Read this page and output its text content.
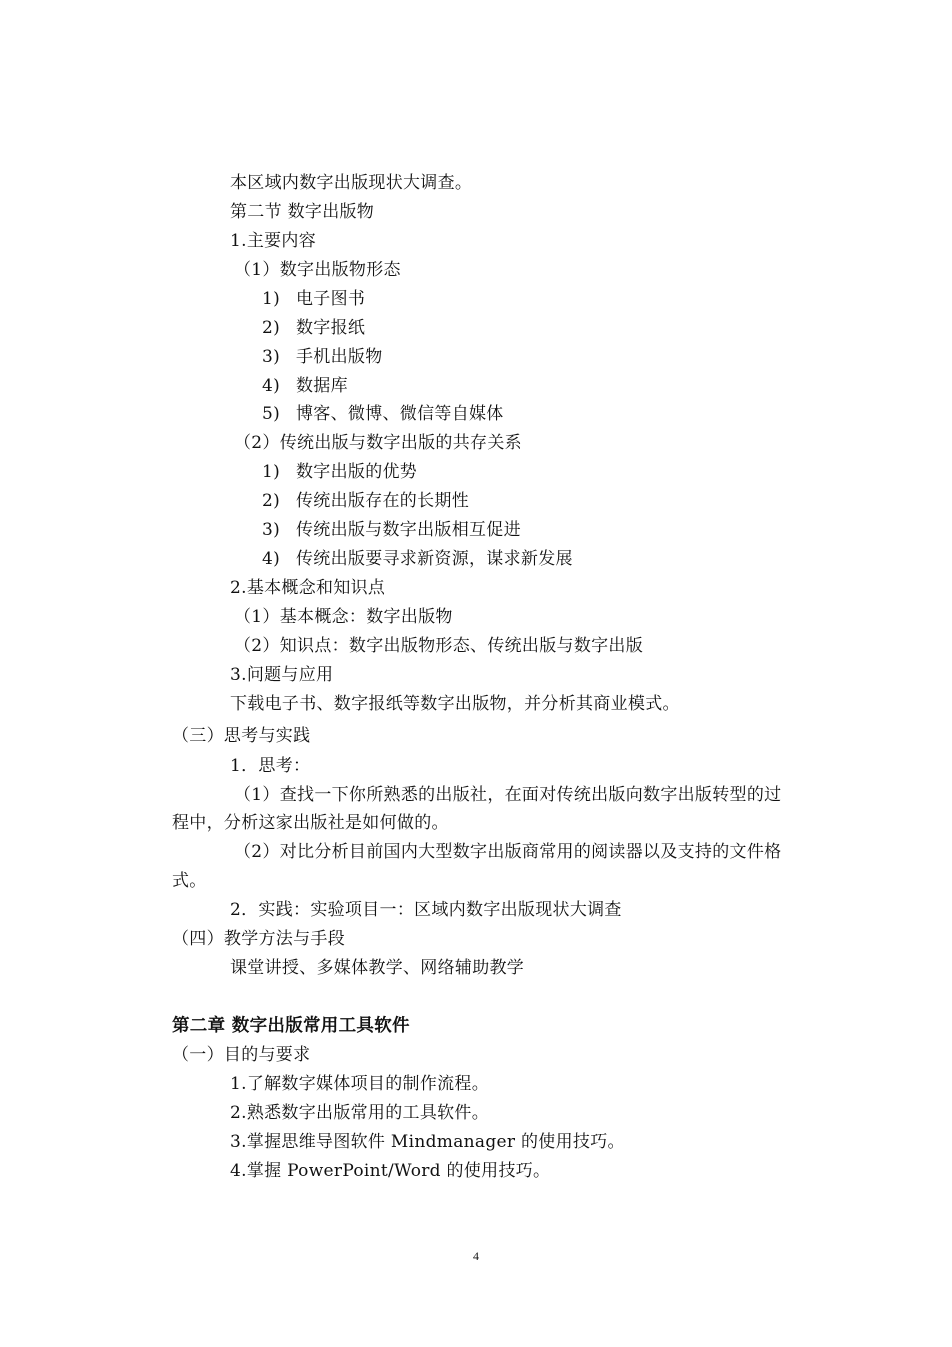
本区域内数字出版现状大调查。
第二节 数字出版物
1.主要内容
（1）数字出版物形态
1) 电子图书
2) 数字报纸
3) 手机出版物
4) 数据库
5) 博客、微博、微信等自媒体
（2）传统出版与数字出版的共存关系
1) 数字出版的优势
2) 传统出版存在的长期性
3) 传统出版与数字出版相互促进
4) 传统出版要寻求新资源，谋求新发展
2.基本概念和知识点
（1）基本概念：数字出版物
（2）知识点：数字出版物形态、传统出版与数字出版
3.问题与应用
下载电子书、数字报纸等数字出版物，并分析其商业模式。
（三）思考与实践
1．思考：
（1）查找一下你所熟悉的出版社，在面对传统出版向数字出版转型的过
程中，分析这家出版社是如何做的。
（2）对比分析目前国内大型数字出版商常用的阅读器以及支持的文件格
式。
2．实践：实验项目一：区域内数字出版现状大调查
（四）教学方法与手段
课堂讲授、多媒体教学、网络辅助教学
第二章 数字出版常用工具软件
（一）目的与要求
1.了解数字媒体项目的制作流程。
2.熟悉数字出版常用的工具软件。
3.掌握思维导图软件 Mindmanager 的使用技巧。
4.掌握 PowerPoint/Word 的使用技巧。
4
